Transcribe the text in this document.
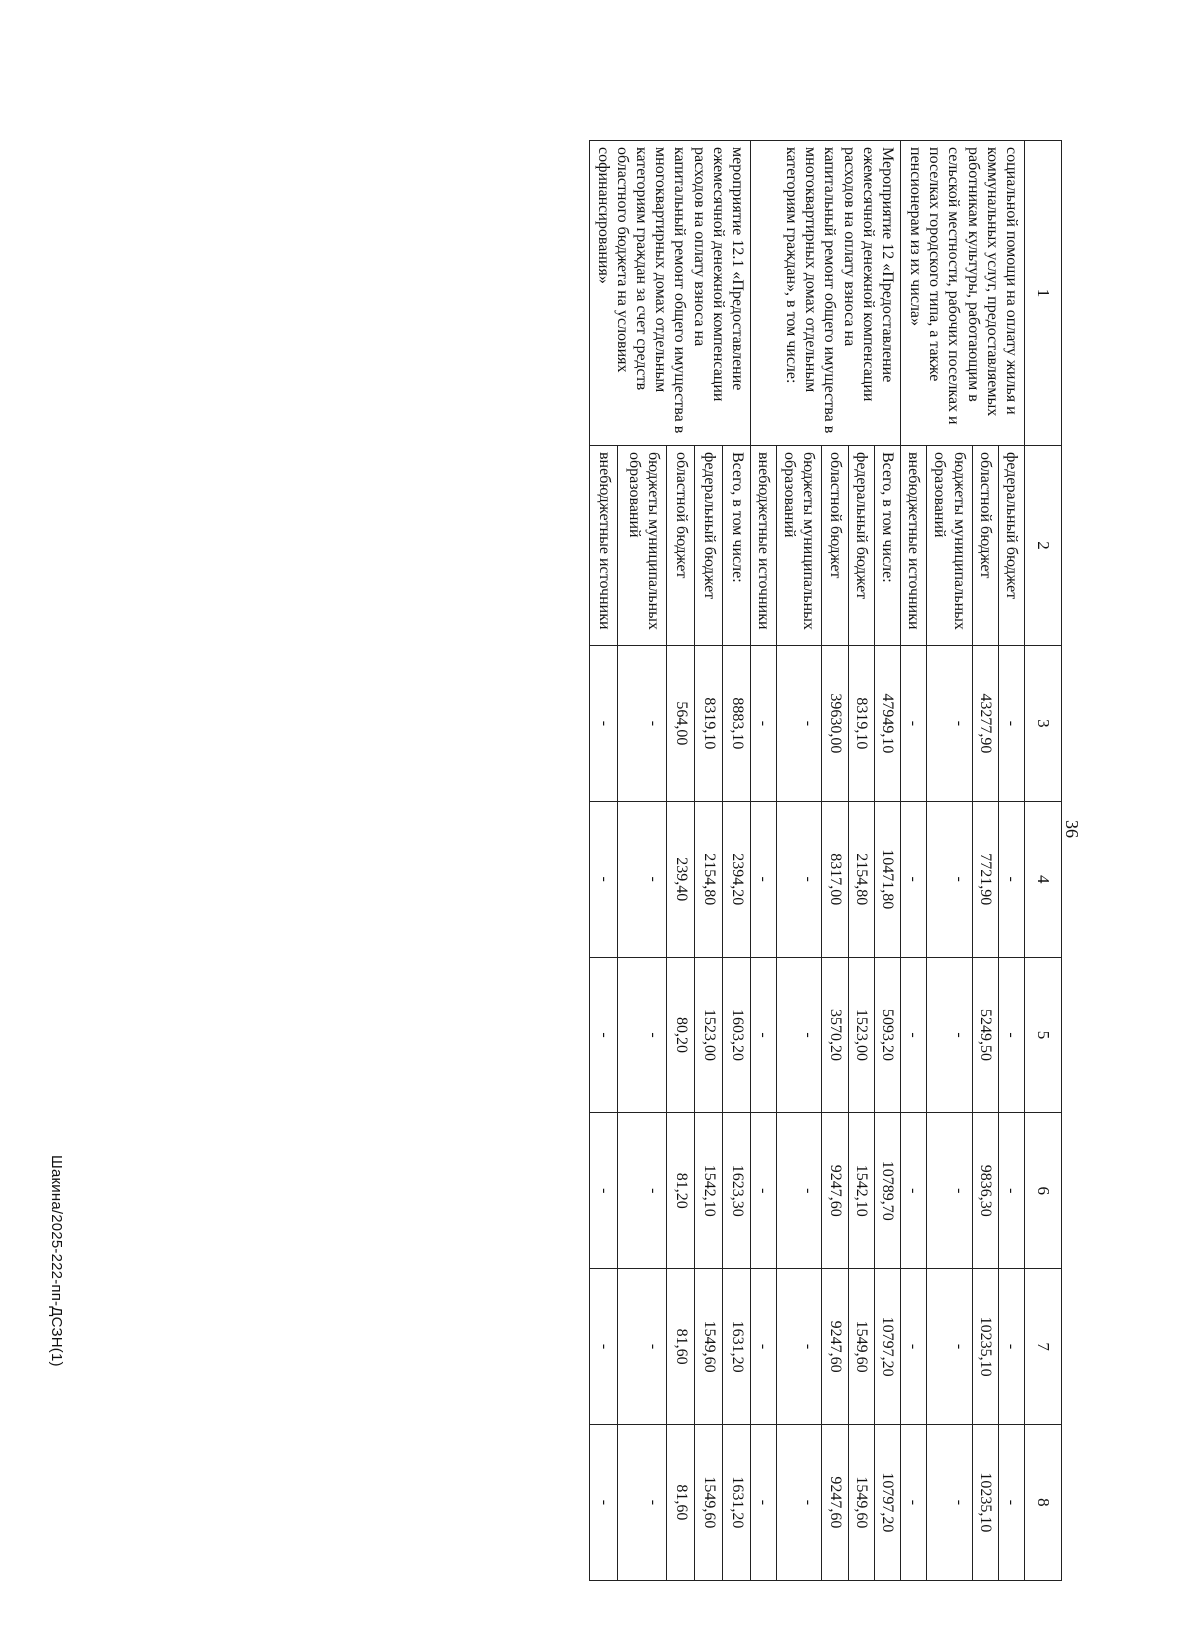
36
1	2	3	4	5	6	7	8
социальной помощи на оплату жилья и коммунальных услуг, предоставляемых работникам культуры, работающим в сельской местности, рабочих поселках и поселках городского типа, а также пенсионерам из их числа»	федеральный бюджет	-	-	-	-	-	-
	областной бюджет	43277,90	7721,90	5249,50	9836,30	10235,10	10235,10
	бюджеты муниципальных образований	-	-	-	-	-	-
	внебюджетные источники	-	-	-	-	-	-
Мероприятие 12 «Предоставление ежемесячной денежной компенсации расходов на оплату взноса на капитальный ремонт общего имущества в многоквартирных домах отдельным категориям граждан», в том числе:	Всего, в том числе:	47949,10	10471,80	5093,20	10789,70	10797,20	10797,20
	федеральный бюджет	8319,10	2154,80	1523,00	1542,10	1549,60	1549,60
	областной бюджет	39630,00	8317,00	3570,20	9247,60	9247,60	9247,60
	бюджеты муниципальных образований	-	-	-	-	-	-
	внебюджетные источники	-	-	-	-	-	-
мероприятие 12.1 «Предоставление ежемесячной денежной компенсации расходов на оплату взноса на капитальный ремонт общего имущества в многоквартирных домах отдельным категориям граждан за счет средств областного бюджета на условиях софинансирования»	Всего, в том числе:	8883,10	2394,20	1603,20	1623,30	1631,20	1631,20
	федеральный бюджет	8319,10	2154,80	1523,00	1542,10	1549,60	1549,60
	областной бюджет	564,00	239,40	80,20	81,20	81,60	81,60
	бюджеты муниципальных образований	-	-	-	-	-	-
	внебюджетные источники	-	-	-	-	-	-
Шакина/2025-222-пп-ДСЗН(1)
